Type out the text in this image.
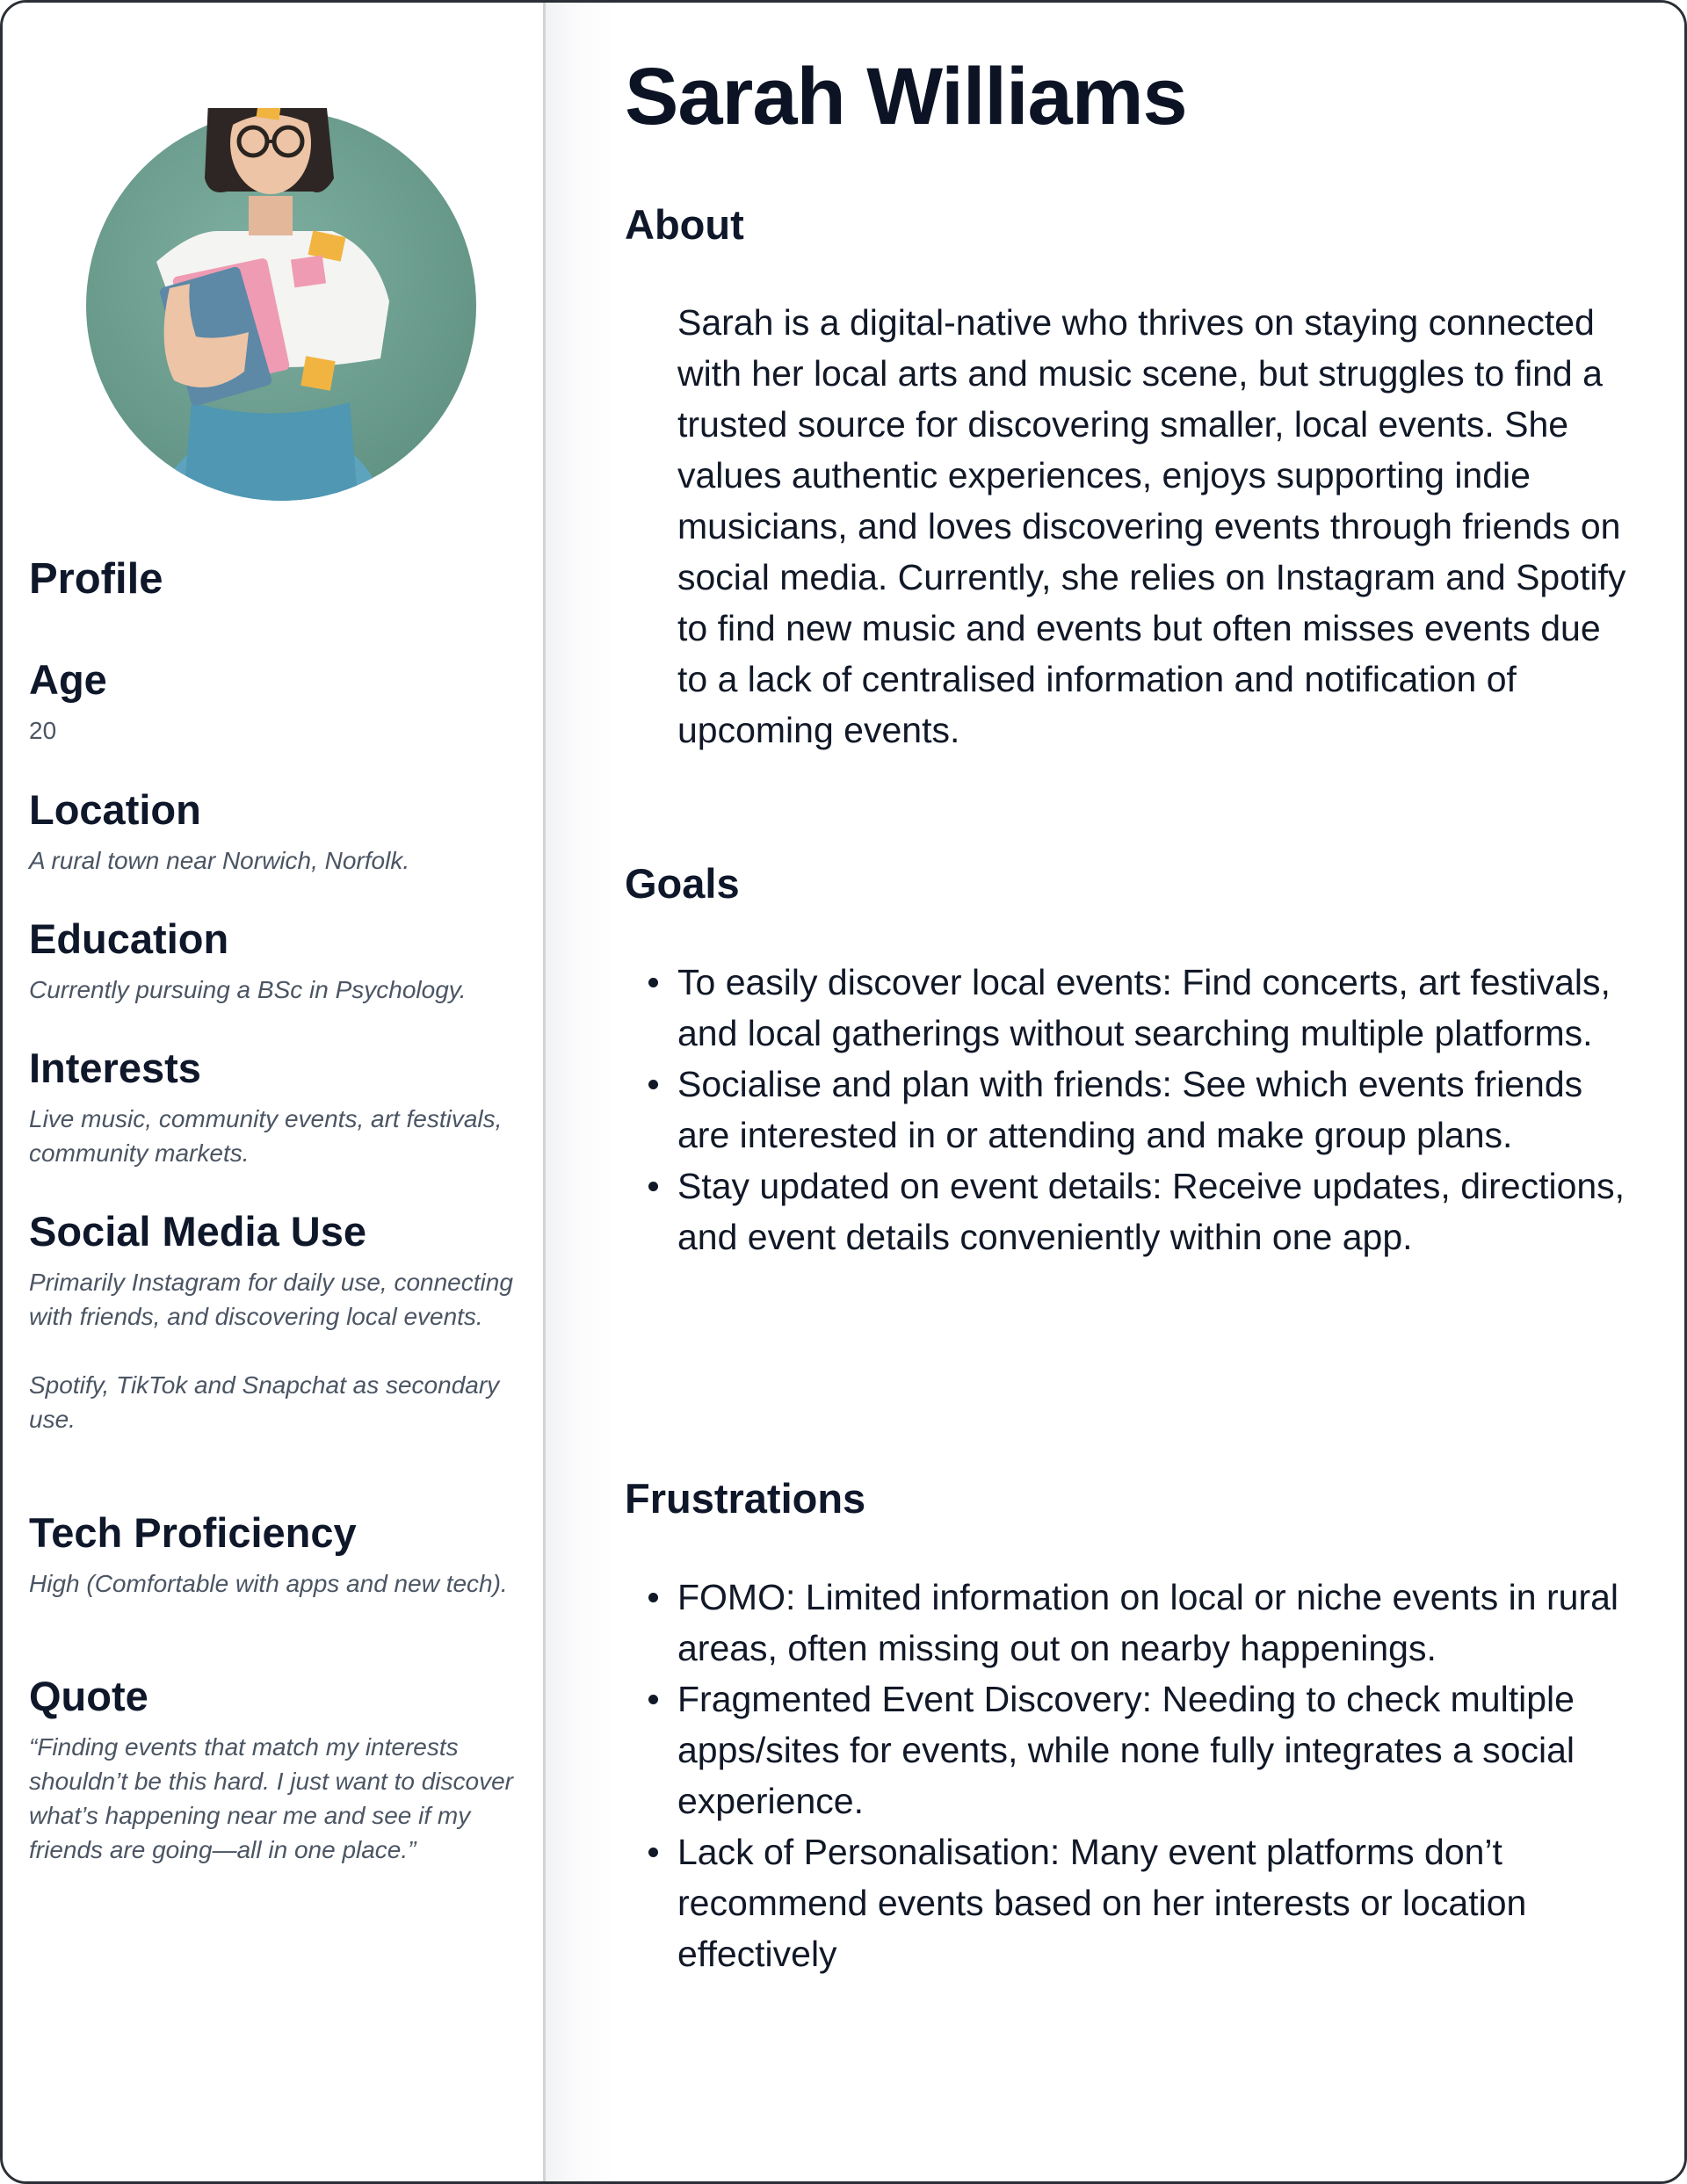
Profile
Age
20
Location
A rural town near Norwich, Norfolk.
Education
Currently pursuing a BSc in Psychology.
Interests
Live music, community events, art festivals, community markets.
Social Media Use
Primarily Instagram for daily use, connecting with friends, and discovering local events.

Spotify, TikTok and Snapchat as secondary use.
Tech Proficiency
High (Comfortable with apps and new tech).
Quote
“Finding events that match my interests shouldn’t be this hard. I just want to discover what’s happening near me and see if my friends are going—all in one place.”
Sarah Williams
About

Sarah is a digital-native who thrives on staying connected with her local arts and music scene, but struggles to find a trusted source for discovering smaller, local events. She values authentic experiences, enjoys supporting indie musicians, and loves discovering events through friends on social media. Currently, she relies on Instagram and Spotify to find new music and events but often misses events due to a lack of centralised information and notification of upcoming events.

Goals
To easily discover local events: Find concerts, art festivals, and local gatherings without searching multiple platforms.
Socialise and plan with friends: See which events friends are interested in or attending and make group plans.
Stay updated on event details: Receive updates, directions, and event details conveniently within one app.
Frustrations
FOMO: Limited information on local or niche events in rural areas, often missing out on nearby happenings.
Fragmented Event Discovery: Needing to check multiple apps/sites for events, while none fully integrates a social experience.
Lack of Personalisation: Many event platforms don’t recommend events based on her interests or location effectively
